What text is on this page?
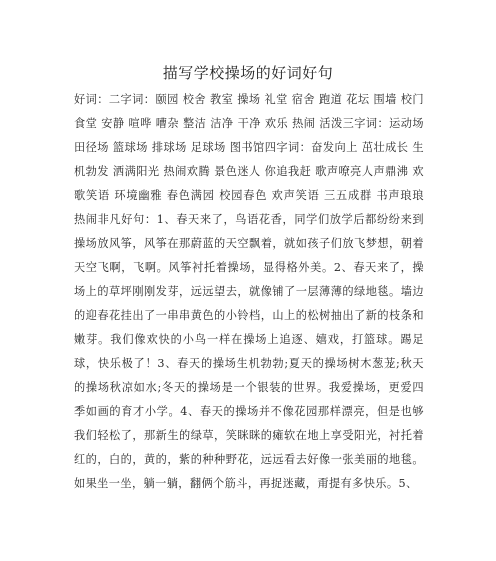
描写学校操场的好词好句
好词：二字词：颐园 校舍 教室 操场 礼堂 宿舍 跑道 花坛 围墙 校门食堂 安静 喧哗 嘈杂 整洁 洁净 干净 欢乐 热闹 活泼三字词：运动场 田径场 篮球场 排球场 足球场 图书馆四字词：奋发向上 茁壮成长 生机勃发 洒满阳光 热闹欢腾 景色迷人 你追我赶 歌声嘹亮人声鼎沸 欢歌笑语 环境幽雅 春色满园 校园春色 欢声笑语 三五成群 书声琅琅 热闹非凡好句：1、春天来了，鸟语花香，同学们放学后都纷纷来到操场放风筝，风筝在那蔚蓝的天空飘着，就如孩子们放飞梦想，朝着天空飞啊，飞啊。风筝衬托着操场，显得格外美。2、春天来了，操场上的草坪刚刚发芽，远远望去，就像铺了一层薄薄的绿地毯。墙边的迎春花挂出了一串串黄色的小铃档，山上的松树抽出了新的枝条和嫩芽。我们像欢快的小鸟一样在操场上追逐、嬉戏，打篮球。踢足球，快乐极了！3、春天的操场生机勃勃;夏天的操场树木葱茏;秋天的操场秋凉如水;冬天的操场是一个银装的世界。我爱操场，更爱四季如画的育才小学。4、春天的操场并不像花园那样漂亮，但是也够我们轻松了，那新生的绿草，笑眯眯的瘫软在地上享受阳光，衬托着红的，白的，黄的，紫的种种野花，远远看去好像一张美丽的地毯。如果坐一坐，躺一躺，翻俩个筋斗，再捉迷藏，甭提有多快乐。5、
